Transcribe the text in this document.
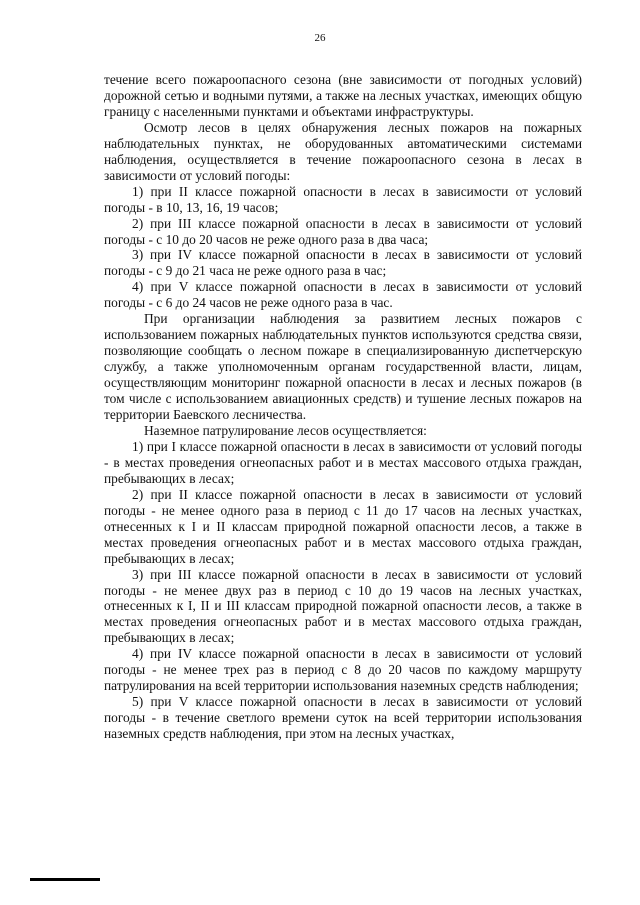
26

течение всего пожароопасного сезона (вне зависимости от погодных условий) дорожной сетью и водными путями, а также на лесных участках, имеющих общую границу с населенными пунктами и объектами инфраструктуры.

Осмотр лесов в целях обнаружения лесных пожаров на пожарных наблюдательных пунктах, не оборудованных автоматическими системами наблюдения, осуществляется в течение пожароопасного сезона в лесах в зависимости от условий погоды:

1) при II классе пожарной опасности в лесах в зависимости от условий погоды - в 10, 13, 16, 19 часов;

2) при III классе пожарной опасности в лесах в зависимости от условий погоды - с 10 до 20 часов не реже одного раза в два часа;

3) при IV классе пожарной опасности в лесах в зависимости от условий погоды - с 9 до 21 часа не реже одного раза в час;

4) при V классе пожарной опасности в лесах в зависимости от условий погоды - с 6 до 24 часов не реже одного раза в час.

При организации наблюдения за развитием лесных пожаров с использованием пожарных наблюдательных пунктов используются средства связи, позволяющие сообщать о лесном пожаре в специализированную диспетчерскую службу, а также уполномоченным органам государственной власти, лицам, осуществляющим мониторинг пожарной опасности в лесах и лесных пожаров (в том числе с использованием авиационных средств) и тушение лесных пожаров на территории Баевского лесничества.

Наземное патрулирование лесов осуществляется:

1) при I классе пожарной опасности в лесах в зависимости от условий погоды - в местах проведения огнеопасных работ и в местах массового отдыха граждан, пребывающих в лесах;

2) при II классе пожарной опасности в лесах в зависимости от условий погоды - не менее одного раза в период с 11 до 17 часов на лесных участках, отнесенных к I и II классам природной пожарной опасности лесов, а также в местах проведения огнеопасных работ и в местах массового отдыха граждан, пребывающих в лесах;

3) при III классе пожарной опасности в лесах в зависимости от условий погоды - не менее двух раз в период с 10 до 19 часов на лесных участках, отнесенных к I, II и III классам природной пожарной опасности лесов, а также в местах проведения огнеопасных работ и в местах массового отдыха граждан, пребывающих в лесах;

4) при IV классе пожарной опасности в лесах в зависимости от условий погоды - не менее трех раз в период с 8 до 20 часов по каждому маршруту патрулирования на всей территории использования наземных средств наблюдения;

5) при V классе пожарной опасности в лесах в зависимости от условий погоды - в течение светлого времени суток на всей территории использования наземных средств наблюдения, при этом на лесных участках,
